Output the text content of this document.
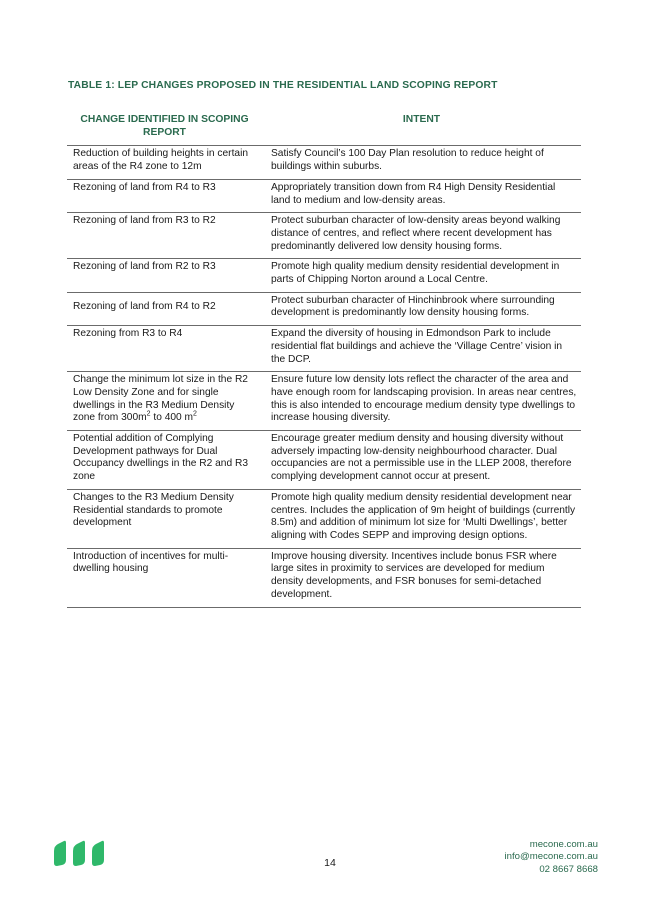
TABLE 1: LEP CHANGES PROPOSED IN THE RESIDENTIAL LAND SCOPING REPORT
CHANGE IDENTIFIED IN SCOPING REPORT	INTENT
Reduction of building heights in certain areas of the R4 zone to 12m	Satisfy Council’s 100 Day Plan resolution to reduce height of buildings within suburbs.
Rezoning of land from R4 to R3	Appropriately transition down from R4 High Density Residential land to medium and low-density areas.
Rezoning of land from R3 to R2	Protect suburban character of low-density areas beyond walking distance of centres, and reflect where recent development has predominantly delivered low density housing forms.
Rezoning of land from R2 to R3	Promote high quality medium density residential development in parts of Chipping Norton around a Local Centre.
Rezoning of land from R4 to R2	Protect suburban character of Hinchinbrook where surrounding development is predominantly low density housing forms.
Rezoning from R3 to R4	Expand the diversity of housing in Edmondson Park to include residential flat buildings and achieve the ‘Village Centre’ vision in the DCP.
Change the minimum lot size in the R2 Low Density Zone and for single dwellings in the R3 Medium Density zone from $300m^2$ to 400 $m^2$	Ensure future low density lots reflect the character of the area and have enough room for landscaping provision. In areas near centres, this is also intended to encourage medium density type dwellings to increase housing diversity.
Potential addition of Complying Development pathways for Dual Occupancy dwellings in the R2 and R3 zone	Encourage greater medium density and housing diversity without adversely impacting low-density neighbourhood character. Dual occupancies are not a permissible use in the LLEP 2008, therefore complying development cannot occur at present.
Changes to the R3 Medium Density Residential standards to promote development	Promote high quality medium density residential development near centres. Includes the application of 9m height of buildings (currently 8.5m) and addition of minimum lot size for ‘Multi Dwellings’, better aligning with Codes SEPP and improving design options.
Introduction of incentives for multi-dwelling housing	Improve housing diversity. Incentives include bonus FSR where large sites in proximity to services are developed for medium density developments, and FSR bonuses for semi-detached development.
14
mecone.com.au
info@mecone.com.au
02 8667 8668
